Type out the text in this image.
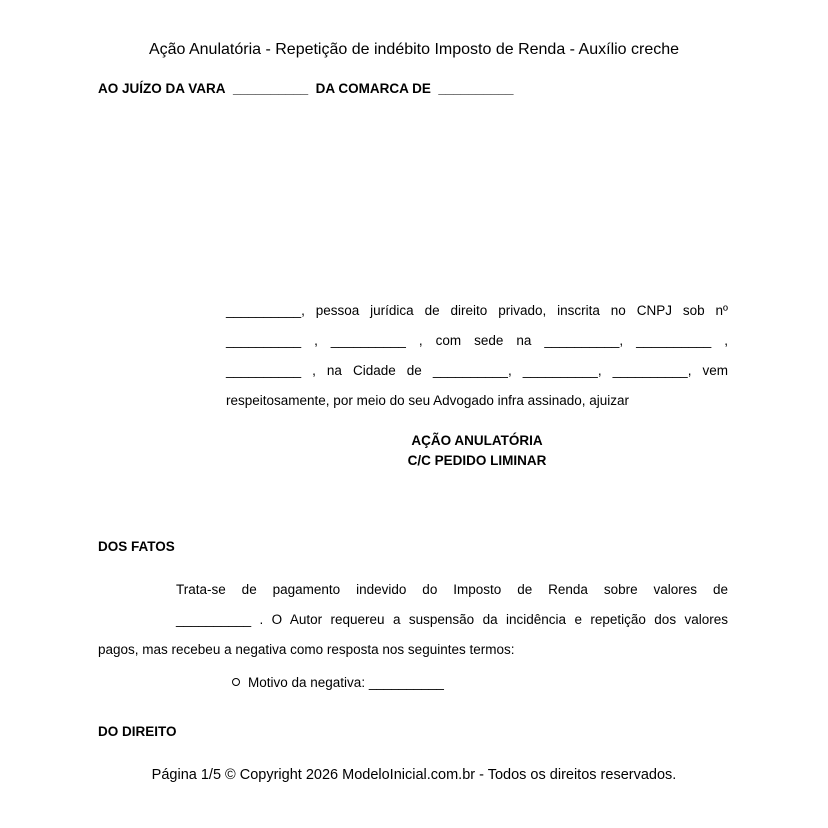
Ação Anulatória - Repetição de indébito Imposto de Renda - Auxílio creche
AO JUÍZO DA VARA __________ DA COMARCA DE __________
__________, pessoa jurídica de direito privado, inscrita no CNPJ sob nº
__________ , __________ , com sede na __________, __________ ,
__________ , na Cidade de __________, __________, __________, vem
respeitosamente, por meio do seu Advogado infra assinado, ajuizar
AÇÃO ANULATÓRIA
C/C PEDIDO LIMINAR
DOS FATOS
Trata-se de pagamento indevido do Imposto de Renda sobre valores de
__________ . O Autor requereu a suspensão da incidência e repetição dos valores
pagos, mas recebeu a negativa como resposta nos seguintes termos:
Motivo da negativa: __________
DO DIREITO
Página 1/5 © Copyright 2026 ModeloInicial.com.br - Todos os direitos reservados.
